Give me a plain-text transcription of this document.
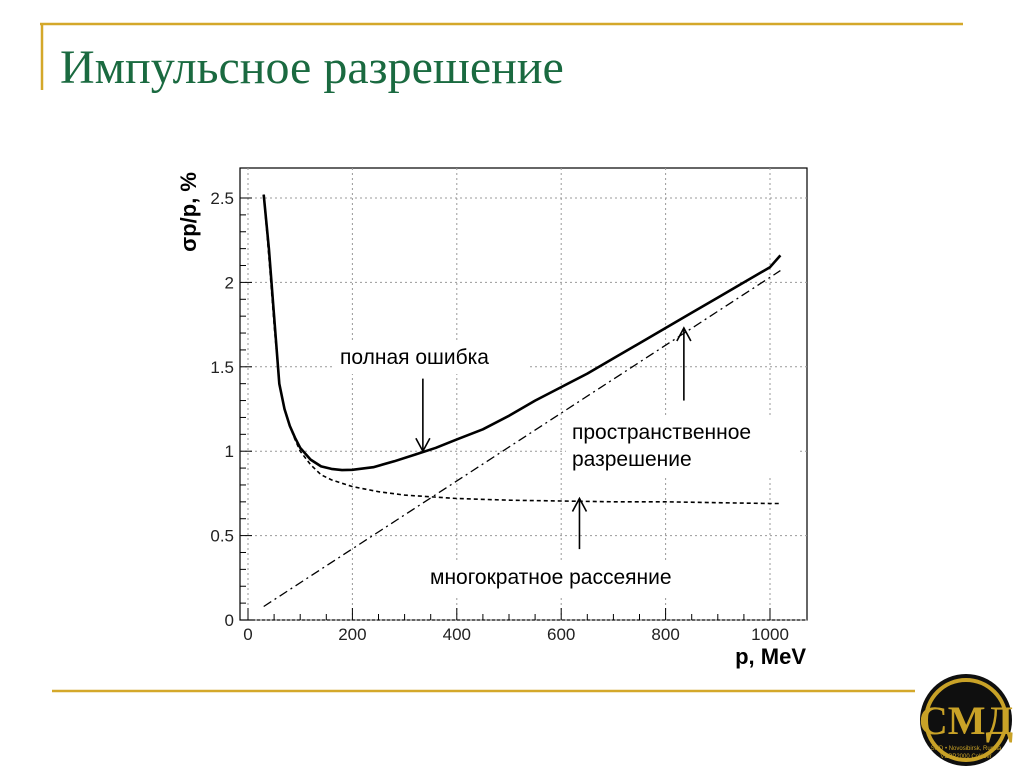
0	200	400	600	800	1000
0
0.5
1
1.5
2
2.5
полная ошибка
пространственное
разрешение
многократное рассеяние
p, MeV
σp/p, %
СМД
SND • Novosibirsk, Russia
VEPP2000 Collider
Импульсное разрешение
